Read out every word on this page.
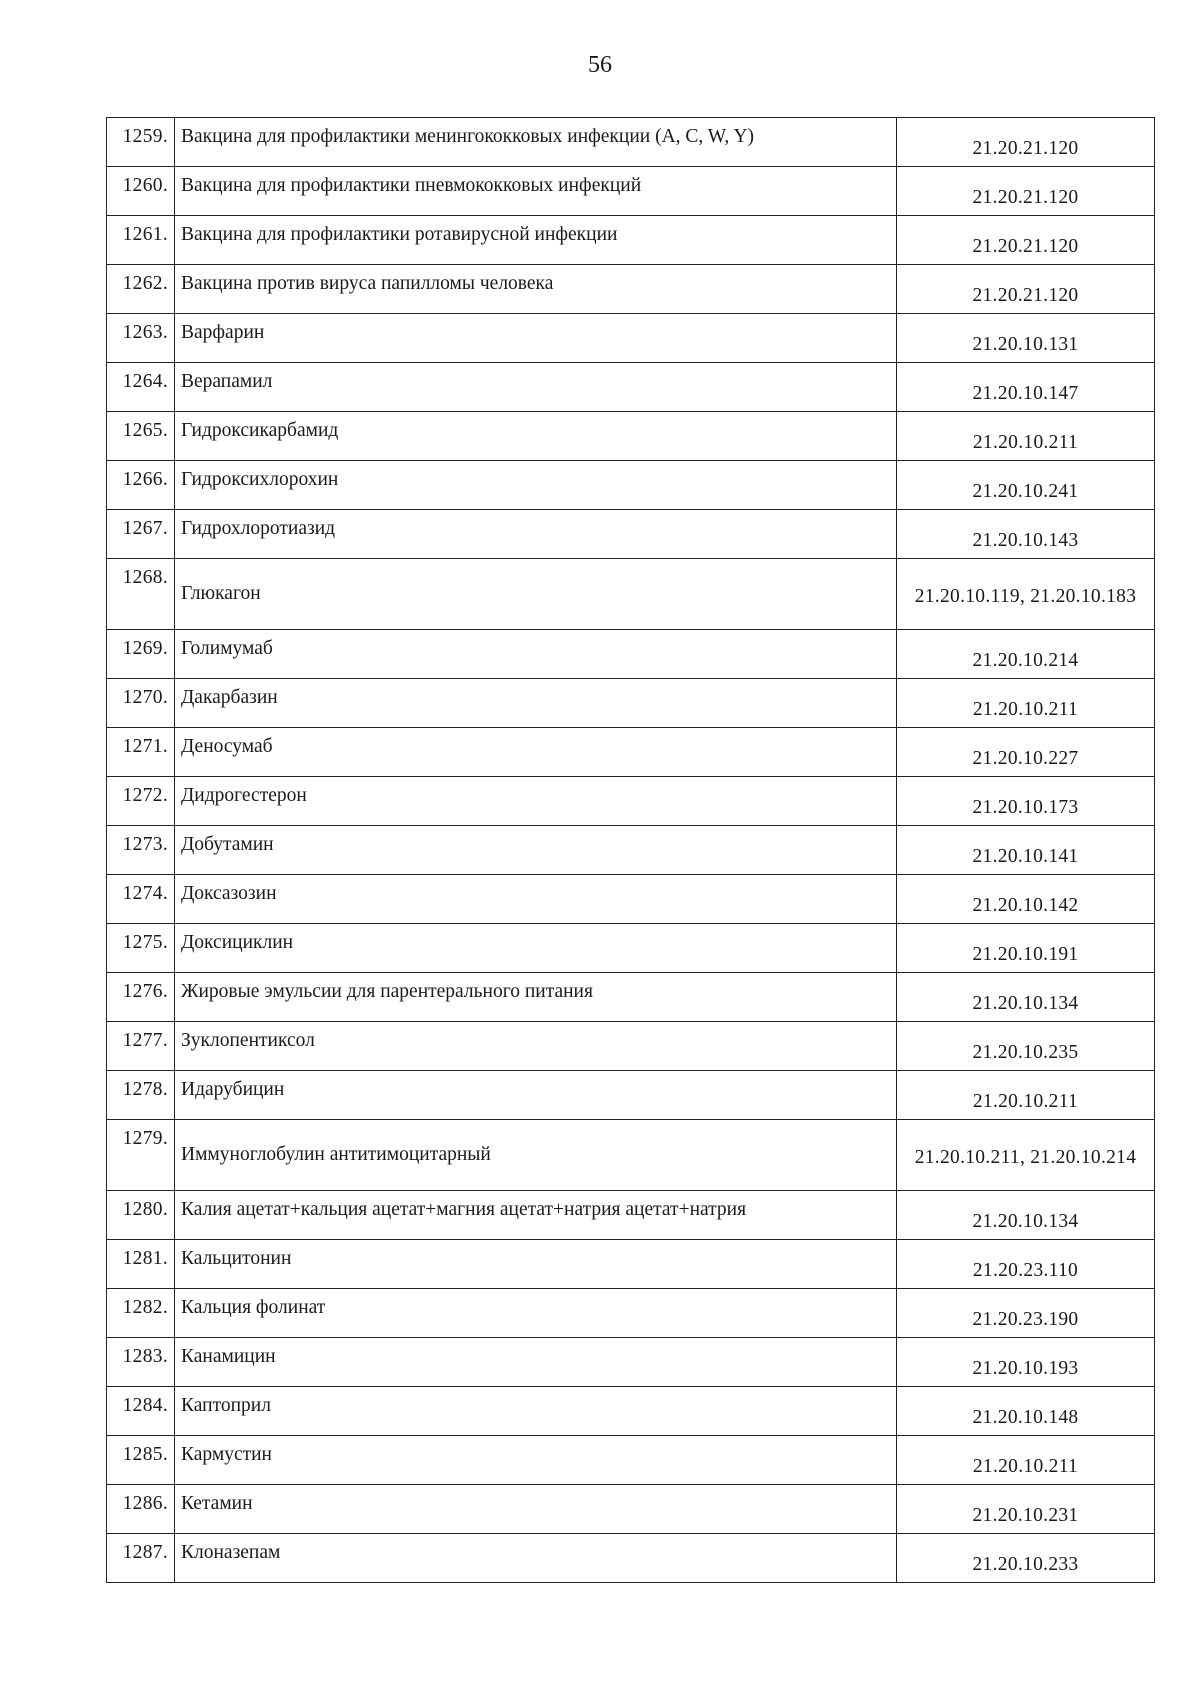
56
1259.	Вакцина для профилактики менингококковых инфекции (A, C, W, Y)	21.20.21.120
1260.	Вакцина для профилактики пневмококковых инфекций	21.20.21.120
1261.	Вакцина для профилактики ротавирусной инфекции	21.20.21.120
1262.	Вакцина против вируса папилломы человека	21.20.21.120
1263.	Варфарин	21.20.10.131
1264.	Верапамил	21.20.10.147
1265.	Гидроксикарбамид	21.20.10.211
1266.	Гидроксихлорохин	21.20.10.241
1267.	Гидрохлоротиазид	21.20.10.143
1268.	Глюкагон	21.20.10.119, 21.20.10.183
1269.	Голимумаб	21.20.10.214
1270.	Дакарбазин	21.20.10.211
1271.	Деносумаб	21.20.10.227
1272.	Дидрогестерон	21.20.10.173
1273.	Добутамин	21.20.10.141
1274.	Доксазозин	21.20.10.142
1275.	Доксициклин	21.20.10.191
1276.	Жировые эмульсии для парентерального питания	21.20.10.134
1277.	Зуклопентиксол	21.20.10.235
1278.	Идарубицин	21.20.10.211
1279.	Иммуноглобулин антитимоцитарный	21.20.10.211, 21.20.10.214
1280.	Калия ацетат+кальция ацетат+магния ацетат+натрия ацетат+натрия	21.20.10.134
1281.	Кальцитонин	21.20.23.110
1282.	Кальция фолинат	21.20.23.190
1283.	Канамицин	21.20.10.193
1284.	Каптоприл	21.20.10.148
1285.	Кармустин	21.20.10.211
1286.	Кетамин	21.20.10.231
1287.	Клоназепам	21.20.10.233
